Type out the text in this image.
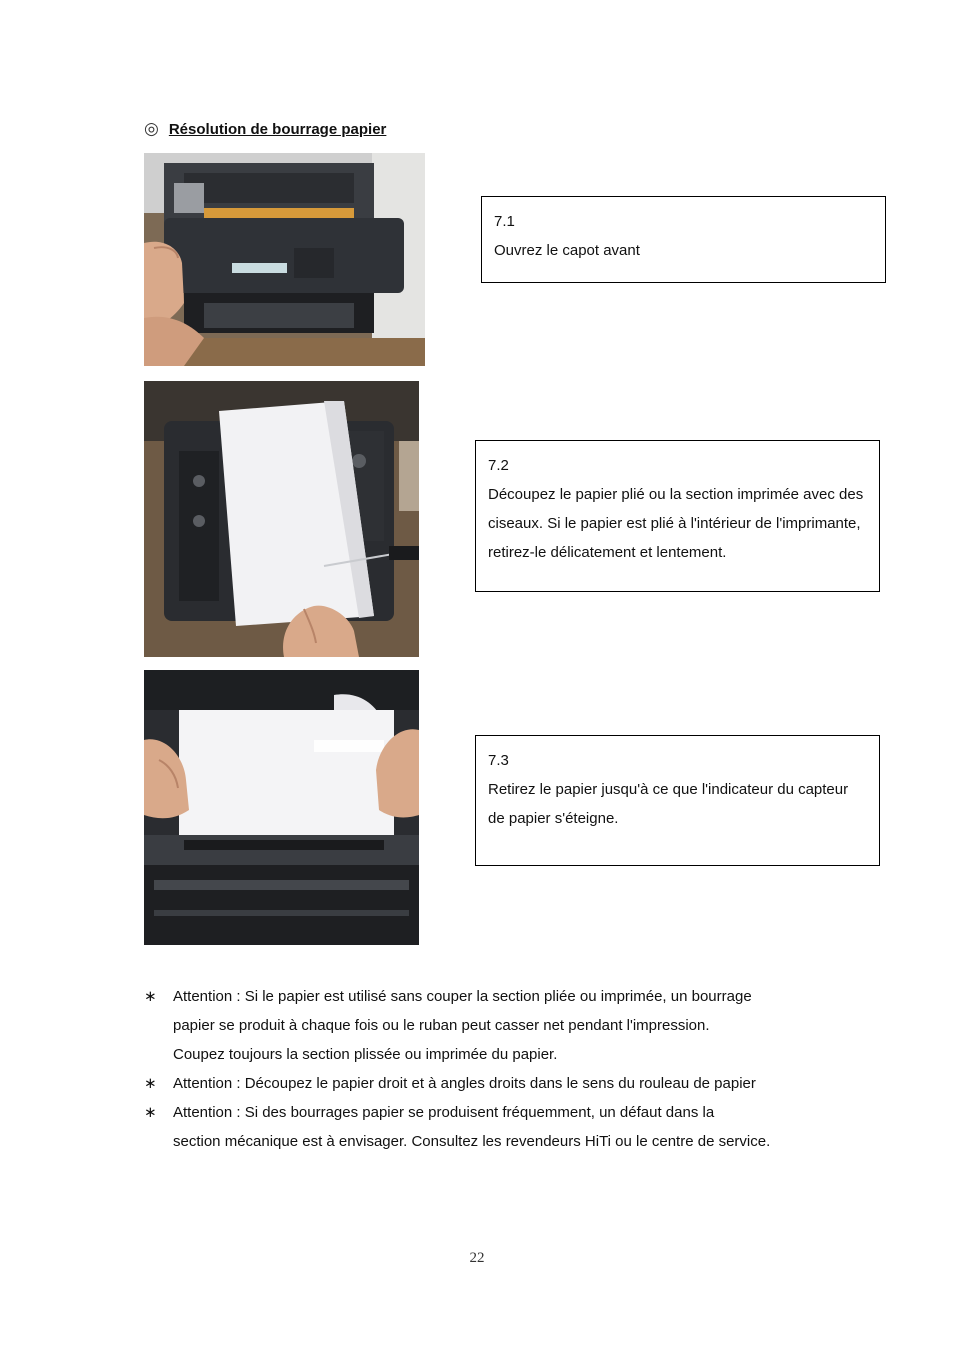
◎ Résolution de bourrage papier
7.1
Ouvrez le capot avant
7.2
Découpez le papier plié ou la section imprimée avec des ciseaux. Si le papier est plié à l'intérieur de l'imprimante, retirez-le délicatement et lentement.
7.3
Retirez le papier jusqu'à ce que l'indicateur du capteur de papier s'éteigne.
∗ Attention : Si le papier est utilisé sans couper la section pliée ou imprimée, un bourrage
papier se produit à chaque fois ou le ruban peut casser net pendant l'impression.
Coupez toujours la section plissée ou imprimée du papier.
∗ Attention : Découpez le papier droit et à angles droits dans le sens du rouleau de papier
∗ Attention : Si des bourrages papier se produisent fréquemment, un défaut dans la
section mécanique est à envisager. Consultez les revendeurs HiTi ou le centre de service.
22
